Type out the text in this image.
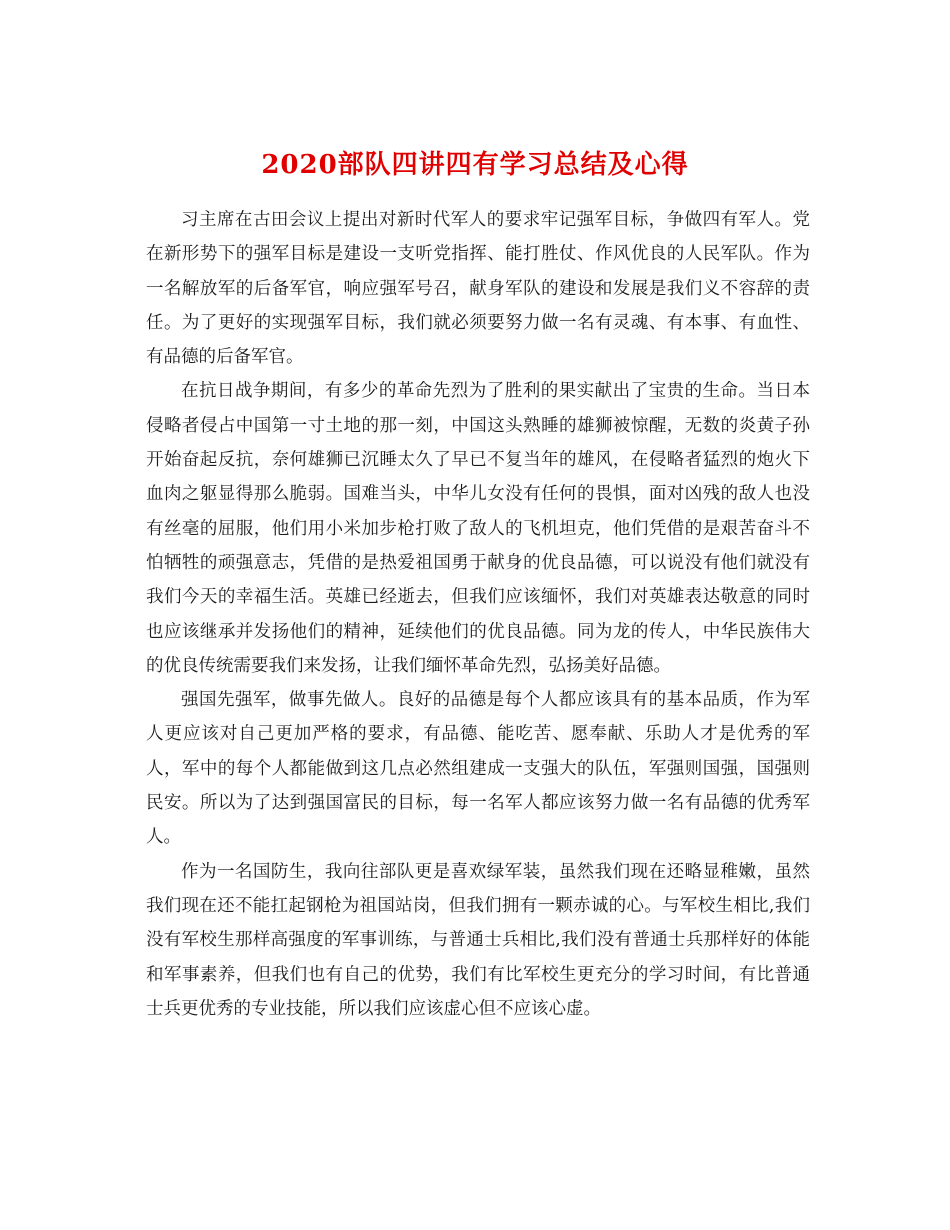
2020部队四讲四有学习总结及心得

习主席在古田会议上提出对新时代军人的要求牢记强军目标，争做四有军人。党在新形势下的强军目标是建设一支听党指挥、能打胜仗、作风优良的人民军队。作为一名解放军的后备军官，响应强军号召，献身军队的建设和发展是我们义不容辞的责任。为了更好的实现强军目标，我们就必须要努力做一名有灵魂、有本事、有血性、有品德的后备军官。

在抗日战争期间，有多少的革命先烈为了胜利的果实献出了宝贵的生命。当日本侵略者侵占中国第一寸土地的那一刻，中国这头熟睡的雄狮被惊醒，无数的炎黄子孙开始奋起反抗，奈何雄狮已沉睡太久了早已不复当年的雄风，在侵略者猛烈的炮火下血肉之躯显得那么脆弱。国难当头，中华儿女没有任何的畏惧，面对凶残的敌人也没有丝毫的屈服，他们用小米加步枪打败了敌人的飞机坦克，他们凭借的是艰苦奋斗不怕牺牲的顽强意志，凭借的是热爱祖国勇于献身的优良品德，可以说没有他们就没有我们今天的幸福生活。英雄已经逝去，但我们应该缅怀，我们对英雄表达敬意的同时也应该继承并发扬他们的精神，延续他们的优良品德。同为龙的传人，中华民族伟大的优良传统需要我们来发扬，让我们缅怀革命先烈，弘扬美好品德。

强国先强军，做事先做人。良好的品德是每个人都应该具有的基本品质，作为军人更应该对自己更加严格的要求，有品德、能吃苦、愿奉献、乐助人才是优秀的军人，军中的每个人都能做到这几点必然组建成一支强大的队伍，军强则国强，国强则民安。所以为了达到强国富民的目标，每一名军人都应该努力做一名有品德的优秀军人。

作为一名国防生，我向往部队更是喜欢绿军装，虽然我们现在还略显稚嫩，虽然我们现在还不能扛起钢枪为祖国站岗，但我们拥有一颗赤诚的心。与军校生相比,我们没有军校生那样高强度的军事训练，与普通士兵相比,我们没有普通士兵那样好的体能和军事素养，但我们也有自己的优势，我们有比军校生更充分的学习时间，有比普通士兵更优秀的专业技能，所以我们应该虚心但不应该心虚。
